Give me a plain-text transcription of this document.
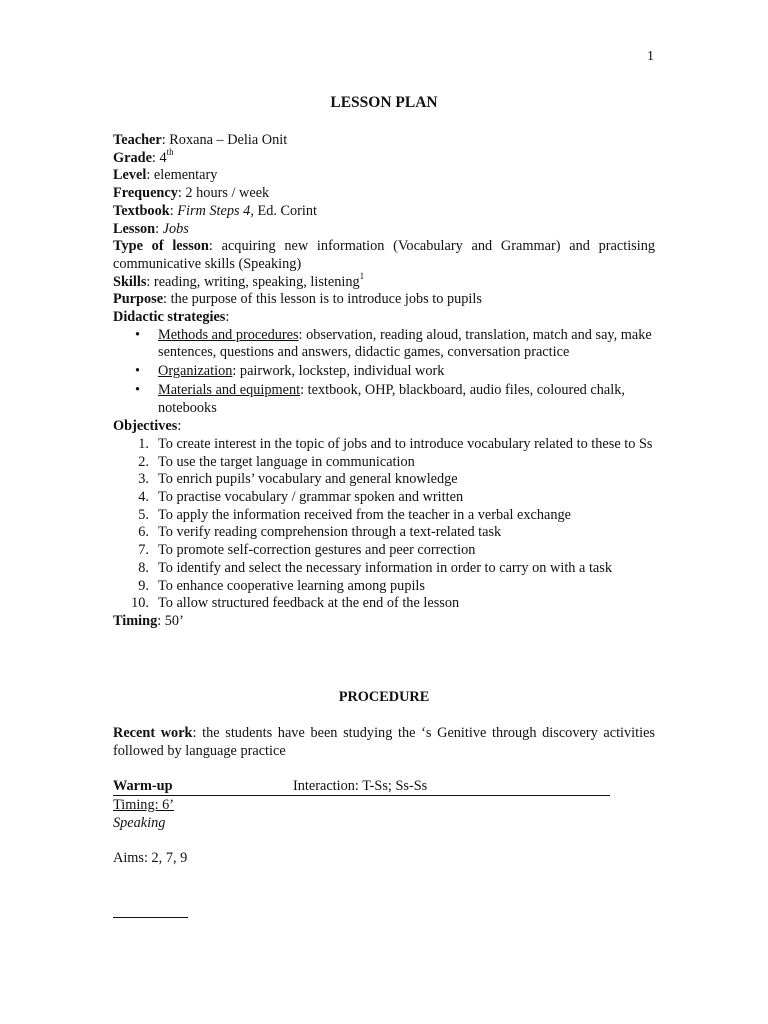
1
LESSON PLAN
Teacher: Roxana – Delia Onit
Grade: 4th
Level: elementary
Frequency: 2 hours / week
Textbook: Firm Steps 4, Ed. Corint
Lesson: Jobs
Type of lesson: acquiring new information (Vocabulary and Grammar) and practising communicative skills (Speaking)
Skills: reading, writing, speaking, listening$^1$
Purpose: the purpose of this lesson is to introduce jobs to pupils
Didactic strategies:
• Methods and procedures: observation, reading aloud, translation, match and say, make sentences, questions and answers, didactic games, conversation practice
• Organization: pairwork, lockstep, individual work
• Materials and equipment: textbook, OHP, blackboard, audio files, coloured chalk, notebooks
Objectives:
1. To create interest in the topic of jobs and to introduce vocabulary related to these to Ss
2. To use the target language in communication
3. To enrich pupils’ vocabulary and general knowledge
4. To practise vocabulary / grammar spoken and written
5. To apply the information received from the teacher in a verbal exchange
6. To verify reading comprehension through a text-related task
7. To promote self-correction gestures and peer correction
8. To identify and select the necessary information in order to carry on with a task
9. To enhance cooperative learning among pupils
10. To allow structured feedback at the end of the lesson
Timing: 50’
PROCEDURE
Recent work: the students have been studying the ‘s Genitive through discovery activities followed by language practice
Warm-up	Interaction: T-Ss; Ss-Ss
Timing: 6’
Speaking
Aims: 2, 7, 9
